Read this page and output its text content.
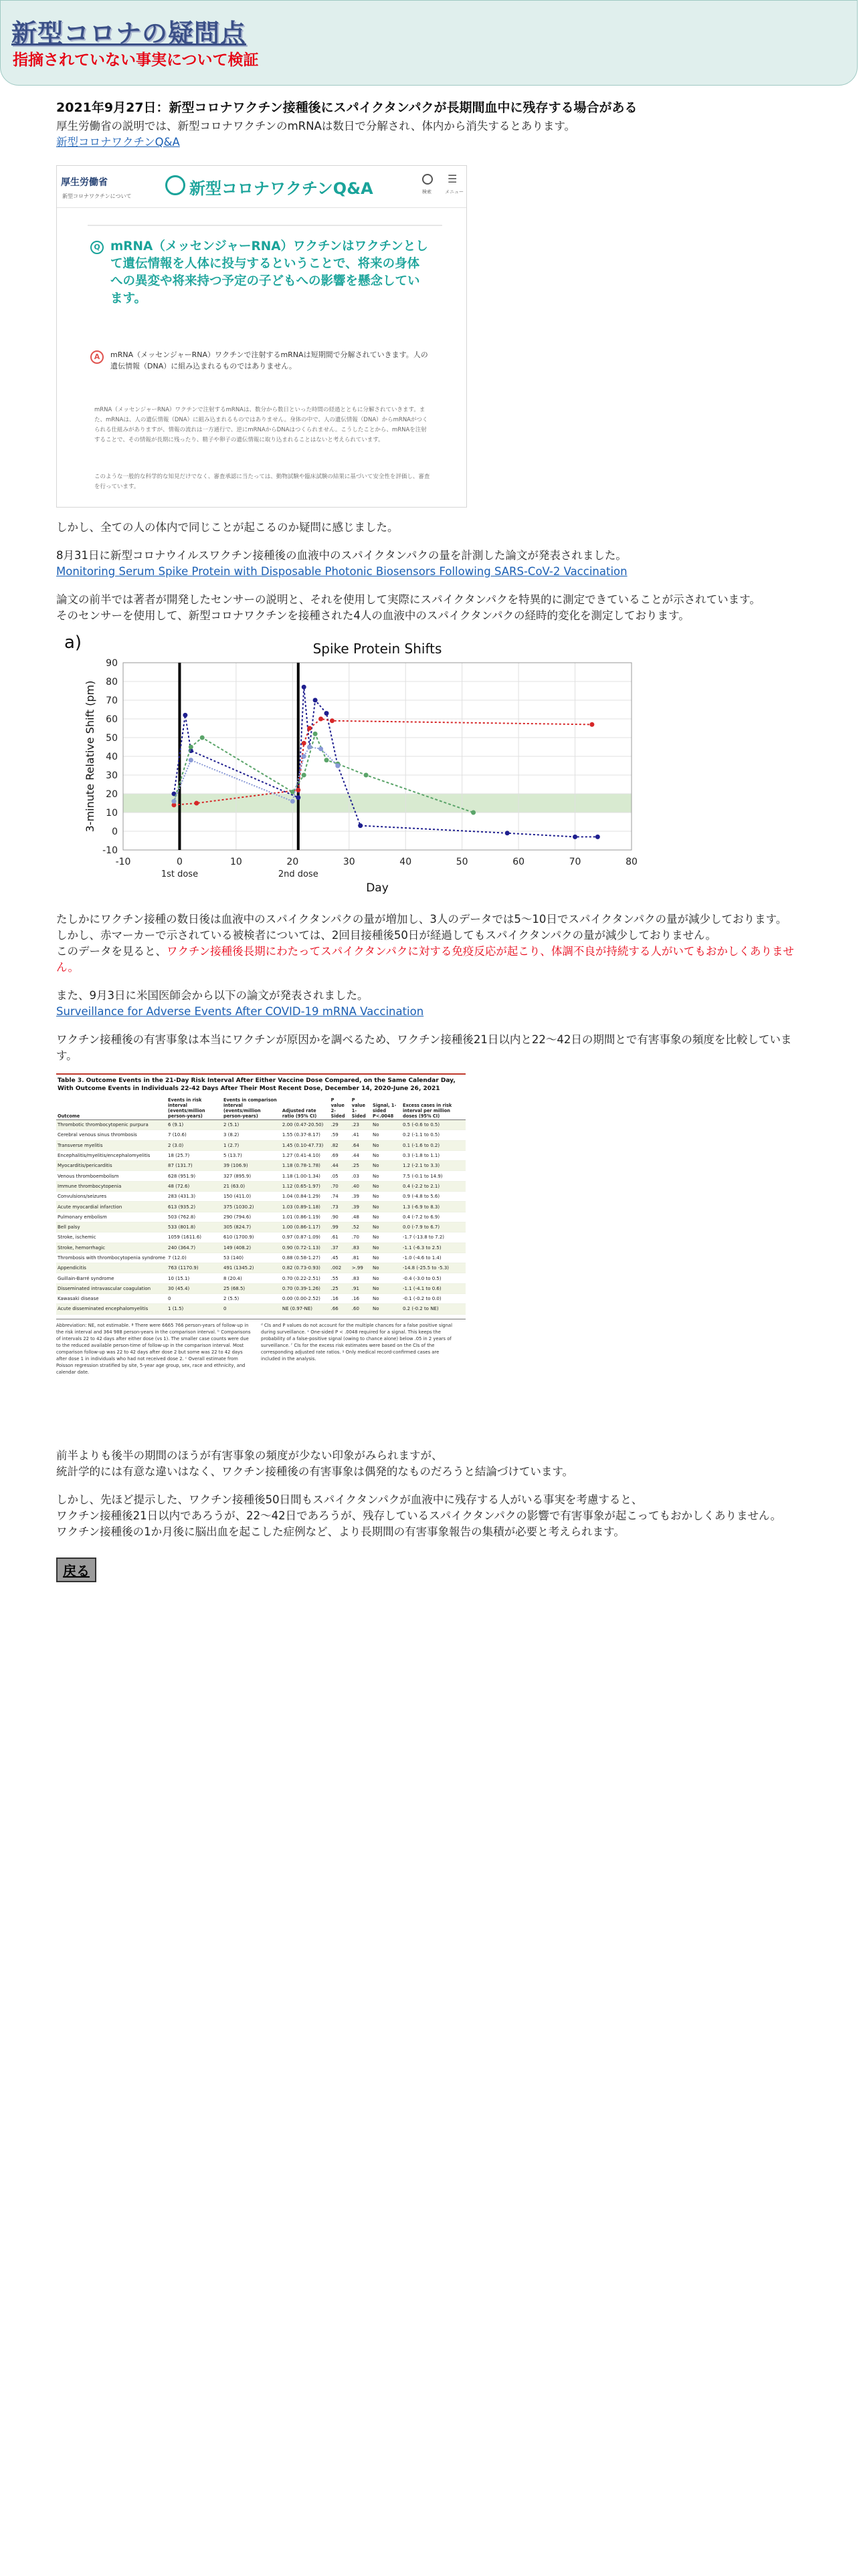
新型コロナの疑問点
指摘されていない事実について検証
2021年9月27日：新型コロナワクチン接種後にスパイクタンパクが長期間血中に残存する場合がある

厚生労働省の説明では、新型コロナワクチンのmRNAは数日で分解され、体内から消失するとあります。

新型コロナワクチンQ&A
厚生労働省
新型コロナワクチンについて	新型コロナワクチンQ&A	検索
☰
メニュー
Q mRNA（メッセンジャーRNA）ワクチンはワクチンとして遺伝情報を人体に投与するということで、将来の身体への異変や将来持つ予定の子どもへの影響を懸念しています。
A	mRNA（メッセンジャーRNA）ワクチンで注射するmRNAは短期間で分解されていきます。人の遺伝情報（DNA）に組み込まれるものではありません。
mRNA（メッセンジャーRNA）ワクチンで注射するmRNAは、数分から数日といった時間の経過とともに分解されていきます。また、mRNAは、人の遺伝情報（DNA）に組み込まれるものではありません。身体の中で、人の遺伝情報（DNA）からmRNAがつくられる仕組みがありますが、情報の流れは一方通行で、逆にmRNAからDNAはつくられません。こうしたことから、mRNAを注射することで、その情報が長期に残ったり、精子や卵子の遺伝情報に取り込まれることはないと考えられています。
このような一般的な科学的な知見だけでなく、審査承認に当たっては、動物試験や臨床試験の結果に基づいて安全性を評価し、審査を行っています。

しかし、全ての人の体内で同じことが起こるのか疑問に感じました。

8月31日に新型コロナウイルスワクチン接種後の血液中のスパイクタンパクの量を計測した論文が発表されました。

Monitoring Serum Spike Protein with Disposable Photonic Biosensors Following SARS-CoV-2 Vaccination

論文の前半では著者が開発したセンサーの説明と、それを使用して実際にスパイクタンパクを特異的に測定できていることが示されています。

そのセンサーを使用して、新型コロナワクチンを接種された4人の血液中のスパイクタンパクの経時的変化を測定しております。

-10	0	10	20	30	40	50	60	70	80
-10
0
10
20
30
40
50
60
70
80
90
1st dose	2nd dose
a)	Spike Protein Shifts
Day
3-minute Relative Shift (pm)

たしかにワクチン接種の数日後は血液中のスパイクタンパクの量が増加し、3人のデータでは5〜10日でスパイクタンパクの量が減少しております。

しかし、赤マーカーで示されている被検者については、2回目接種後50日が経過してもスパイクタンパクの量が減少しておりません。

このデータを見ると、ワクチン接種後長期にわたってスパイクタンパクに対する免疫反応が起こり、体調不良が持続する人がいてもおかしくありません。

また、9月3日に米国医師会から以下の論文が発表されました。

Surveillance for Adverse Events After COVID-19 mRNA Vaccination

ワクチン接種後の有害事象は本当にワクチンが原因かを調べるため、ワクチン接種後21日以内と22〜42日の期間とで有害事象の頻度を比較しています。

Table 3. Outcome Events in the 21-Day Risk Interval After Either Vaccine Dose Compared, on the Same Calendar Day, With Outcome Events in Individuals 22-42 Days After Their Most Recent Dose, December 14, 2020-June 26, 2021
Outcome	Events in risk interval (events/million person-years)	Events in comparison interval (events/million person-years)	Adjusted rate ratio (95% CI)	P value 2-Sided	P value 1-Sided	Signal, 1-sided P<.0048	Excess cases in risk interval per million doses (95% CI)
Thrombotic thrombocytopenic purpura	6 (9.1)	2 (5.1)	2.00 (0.47-20.50)	.29	.23	No	0.5 (-0.6 to 0.5)
Cerebral venous sinus thrombosis	7 (10.6)	3 (8.2)	1.55 (0.37-8.17)	.59	.41	No	0.2 (-1.1 to 0.5)
Transverse myelitis	2 (3.0)	1 (2.7)	1.45 (0.10-47.73)	.82	.64	No	0.1 (-1.6 to 0.2)
Encephalitis/myelitis/encephalomyelitis	18 (25.7)	5 (13.7)	1.27 (0.41-4.10)	.69	.44	No	0.3 (-1.8 to 1.1)
Myocarditis/pericarditis	87 (131.7)	39 (106.9)	1.18 (0.78-1.78)	.44	.25	No	1.2 (-2.1 to 3.3)
Venous thromboembolism	628 (951.9)	327 (895.9)	1.18 (1.00-1.34)	.05	.03	No	7.5 (-0.1 to 14.9)
Immune thrombocytopenia	48 (72.6)	21 (63.0)	1.12 (0.65-1.97)	.70	.40	No	0.4 (-2.2 to 2.1)
Convulsions/seizures	283 (431.3)	150 (411.0)	1.04 (0.84-1.29)	.74	.39	No	0.9 (-4.8 to 5.6)
Acute myocardial infarction	613 (935.2)	375 (1030.2)	1.03 (0.89-1.18)	.73	.39	No	1.3 (-6.9 to 8.3)
Pulmonary embolism	503 (762.8)	290 (794.6)	1.01 (0.86-1.19)	.90	.48	No	0.4 (-7.2 to 6.9)
Bell palsy	533 (801.8)	305 (824.7)	1.00 (0.86-1.17)	.99	.52	No	0.0 (-7.9 to 6.7)
Stroke, ischemic	1059 (1611.6)	610 (1700.9)	0.97 (0.87-1.09)	.61	.70	No	-1.7 (-13.8 to 7.2)
Stroke, hemorrhagic	240 (364.7)	149 (408.2)	0.90 (0.72-1.13)	.37	.83	No	-1.1 (-6.3 to 2.5)
Thrombosis with thrombocytopenia syndrome	7 (12.0)	53 (140)	0.88 (0.58-1.27)	.45	.81	No	-1.0 (-4.6 to 1.4)
Appendicitis	763 (1170.9)	491 (1345.2)	0.82 (0.73-0.93)	.002	>.99	No	-14.8 (-25.5 to -5.3)
Guillain-Barré syndrome	10 (15.1)	8 (20.4)	0.70 (0.22-2.51)	.55	.83	No	-0.4 (-3.0 to 0.5)
Disseminated intravascular coagulation	30 (45.4)	25 (68.5)	0.70 (0.39-1.26)	.25	.91	No	-1.1 (-4.1 to 0.6)
Kawasaki disease	0	2 (5.5)	0.00 (0.00-2.52)	.16	.16	No	-0.1 (-0.2 to 0.0)
Acute disseminated encephalomyelitis	1 (1.5)	0	NE (0.97-NE)	.66	.60	No	0.2 (-0.2 to NE)
Abbreviation: NE, not estimable. ª There were 6665 766 person-years of follow-up in the risk interval and 364 988 person-years in the comparison interval. ᵇ Comparisons of intervals 22 to 42 days after either dose (vs 1). The smaller case counts were due to the reduced available person-time of follow-up in the comparison interval. Most comparison follow-up was 22 to 42 days after dose 2 but some was 22 to 42 days after dose 1 in individuals who had not received dose 2. ᶜ Overall estimate from Poisson regression stratified by site, 5-year age group, sex, race and ethnicity, and calendar date.
ᵈ CIs and P values do not account for the multiple chances for a false positive signal during surveillance. ᵉ One-sided P < .0048 required for a signal. This keeps the probability of a false-positive signal (owing to chance alone) below .05 in 2 years of surveillance. ᶠ CIs for the excess risk estimates were based on the CIs of the corresponding adjusted rate ratios. ᵍ Only medical record-confirmed cases are included in the analysis.

前半よりも後半の期間のほうが有害事象の頻度が少ない印象がみられますが、

統計学的には有意な違いはなく、ワクチン接種後の有害事象は偶発的なものだろうと結論づけています。

しかし、先ほど提示した、ワクチン接種後50日間もスパイクタンパクが血液中に残存する人がいる事実を考慮すると、

ワクチン接種後21日以内であろうが、22〜42日であろうが、残存しているスパイクタンパクの影響で有害事象が起こってもおかしくありません。

ワクチン接種後の1か月後に脳出血を起こした症例など、より長期間の有害事象報告の集積が必要と考えられます。

戻る
